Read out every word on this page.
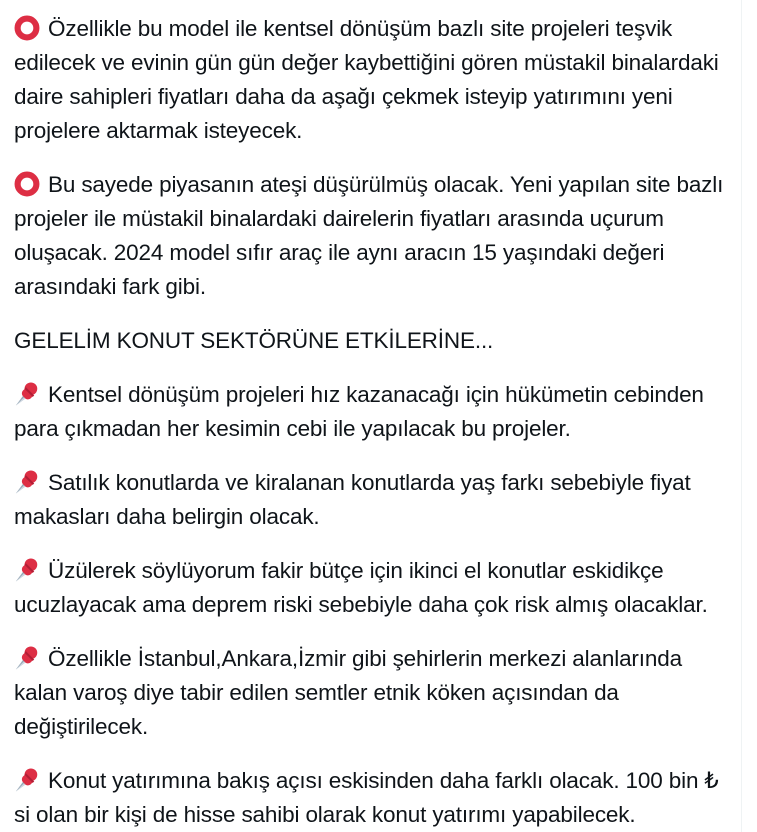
Özellikle bu model ile kentsel dönüşüm bazlı site projeleri teşvik edilecek ve evinin gün gün değer kaybettiğini gören müstakil binalardaki daire sahipleri fiyatları daha da aşağı çekmek isteyip yatırımını yeni projelere aktarmak isteyecek.

Bu sayede piyasanın ateşi düşürülmüş olacak. Yeni yapılan site bazlı projeler ile müstakil binalardaki dairelerin fiyatları arasında uçurum oluşacak. 2024 model sıfır araç ile aynı aracın 15 yaşındaki değeri arasındaki fark gibi.

GELELİM KONUT SEKTÖRÜNE ETKİLERİNE...

Kentsel dönüşüm projeleri hız kazanacağı için hükümetin cebinden para çıkmadan her kesimin cebi ile yapılacak bu projeler.

Satılık konutlarda ve kiralanan konutlarda yaş farkı sebebiyle fiyat makasları daha belirgin olacak.

Üzülerek söylüyorum fakir bütçe için ikinci el konutlar eskidikçe ucuzlayacak ama deprem riski sebebiyle daha çok risk almış olacaklar.

Özellikle İstanbul,Ankara,İzmir gibi şehirlerin merkezi alanlarında kalan varoş diye tabir edilen semtler etnik köken açısından da değiştirilecek.

Konut yatırımına bakış açısı eskisinden daha farklı olacak. 100 bin ₺ si olan bir kişi de hisse sahibi olarak konut yatırımı yapabilecek.
